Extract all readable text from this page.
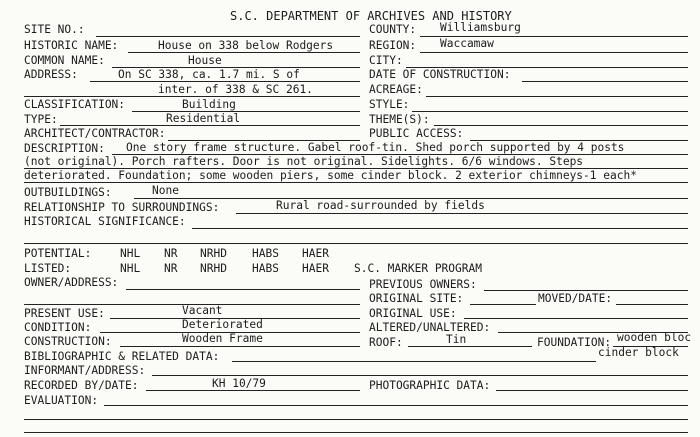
S.C. DEPARTMENT OF ARCHIVES AND HISTORY
SITE NO.:
HISTORIC NAME:	House on 338 below Rodgers
COMMON NAME:	House
ADDRESS:	On SC 338, ca. 1.7 mi. S of
inter. of 338 & SC 261.
CLASSIFICATION:	Building
TYPE:	Residential
ARCHITECT/CONTRACTOR:
COUNTY: Williamsburg
REGION: Waccamaw
CITY:
DATE OF CONSTRUCTION:
ACREAGE:
STYLE:
THEME(S):
PUBLIC ACCESS:
DESCRIPTION: One story frame structure. Gabel roof-tin. Shed porch supported by 4 posts
(not original). Porch rafters. Door is not original. Sidelights. 6/6 windows. Steps
deteriorated. Foundation; some wooden piers, some cinder block. 2 exterior chimneys-1 each*
OUTBUILDINGS:	None
RELATIONSHIP TO SURROUNDINGS:	Rural road-surrounded by fields
HISTORICAL SIGNIFICANCE:
POTENTIAL:	NHL NR NRHD HABS HAER
LISTED:	NHL NR NRHD HABS HAER S.C. MARKER PROGRAM
OWNER/ADDRESS:	PREVIOUS OWNERS:
ORIGINAL SITE:	MOVED/DATE:
PRESENT USE:	Vacant	ORIGINAL USE:
CONDITION:	Deteriorated	ALTERED/UNALTERED:
CONSTRUCTION:	Wooden Frame	ROOF:	Tin	FOUNDATION: wooden bloc
cinder block
BIBLIOGRAPHIC & RELATED DATA:
INFORMANT/ADDRESS:
RECORDED BY/DATE:	KH 10/79	PHOTOGRAPHIC DATA:
EVALUATION:
